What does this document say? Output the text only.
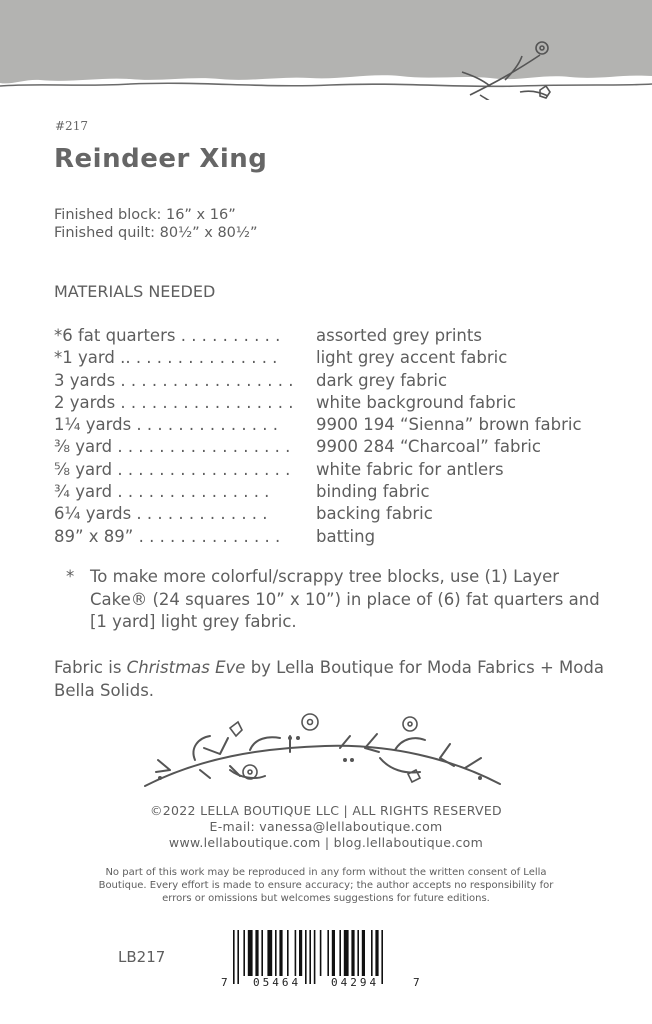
#217
Reindeer Xing
Finished block: 16” x 16”
Finished quilt: 80½” x 80½”
MATERIALS NEEDED
*6 fat quarters . . . . . . . . . .	assorted grey prints
*1 yard .. . . . . . . . . . . . . . .	light grey accent fabric
3 yards . . . . . . . . . . . . . . . . .	dark grey fabric
2 yards . . . . . . . . . . . . . . . . .	white background fabric
1¼ yards . . . . . . . . . . . . . .	9900 194 “Sienna” brown fabric
⅜ yard . . . . . . . . . . . . . . . . .	9900 284 “Charcoal” fabric
⅝ yard . . . . . . . . . . . . . . . . .	white fabric for antlers
¾ yard . . . . . . . . . . . . . . .	binding fabric
6¼ yards . . . . . . . . . . . . .	backing fabric
89” x 89” . . . . . . . . . . . . . .	batting
* To make more colorful/scrappy tree blocks, use (1) Layer Cake® (24 squares 10” x 10”) in place of (6) fat quarters and [1 yard] light grey fabric.
Fabric is Christmas Eve by Lella Boutique for Moda Fabrics + Moda Bella Solids.
©2022 LELLA BOUTIQUE LLC | ALL RIGHTS RESERVED
E-mail: vanessa@lellaboutique.com
www.lellaboutique.com | blog.lellaboutique.com
No part of this work may be reproduced in any form without the written consent of Lella Boutique. Every effort is made to ensure accuracy; the author accepts no responsibility for errors or omissions but welcomes suggestions for future editions.
LB217
7 05464	04294	7
